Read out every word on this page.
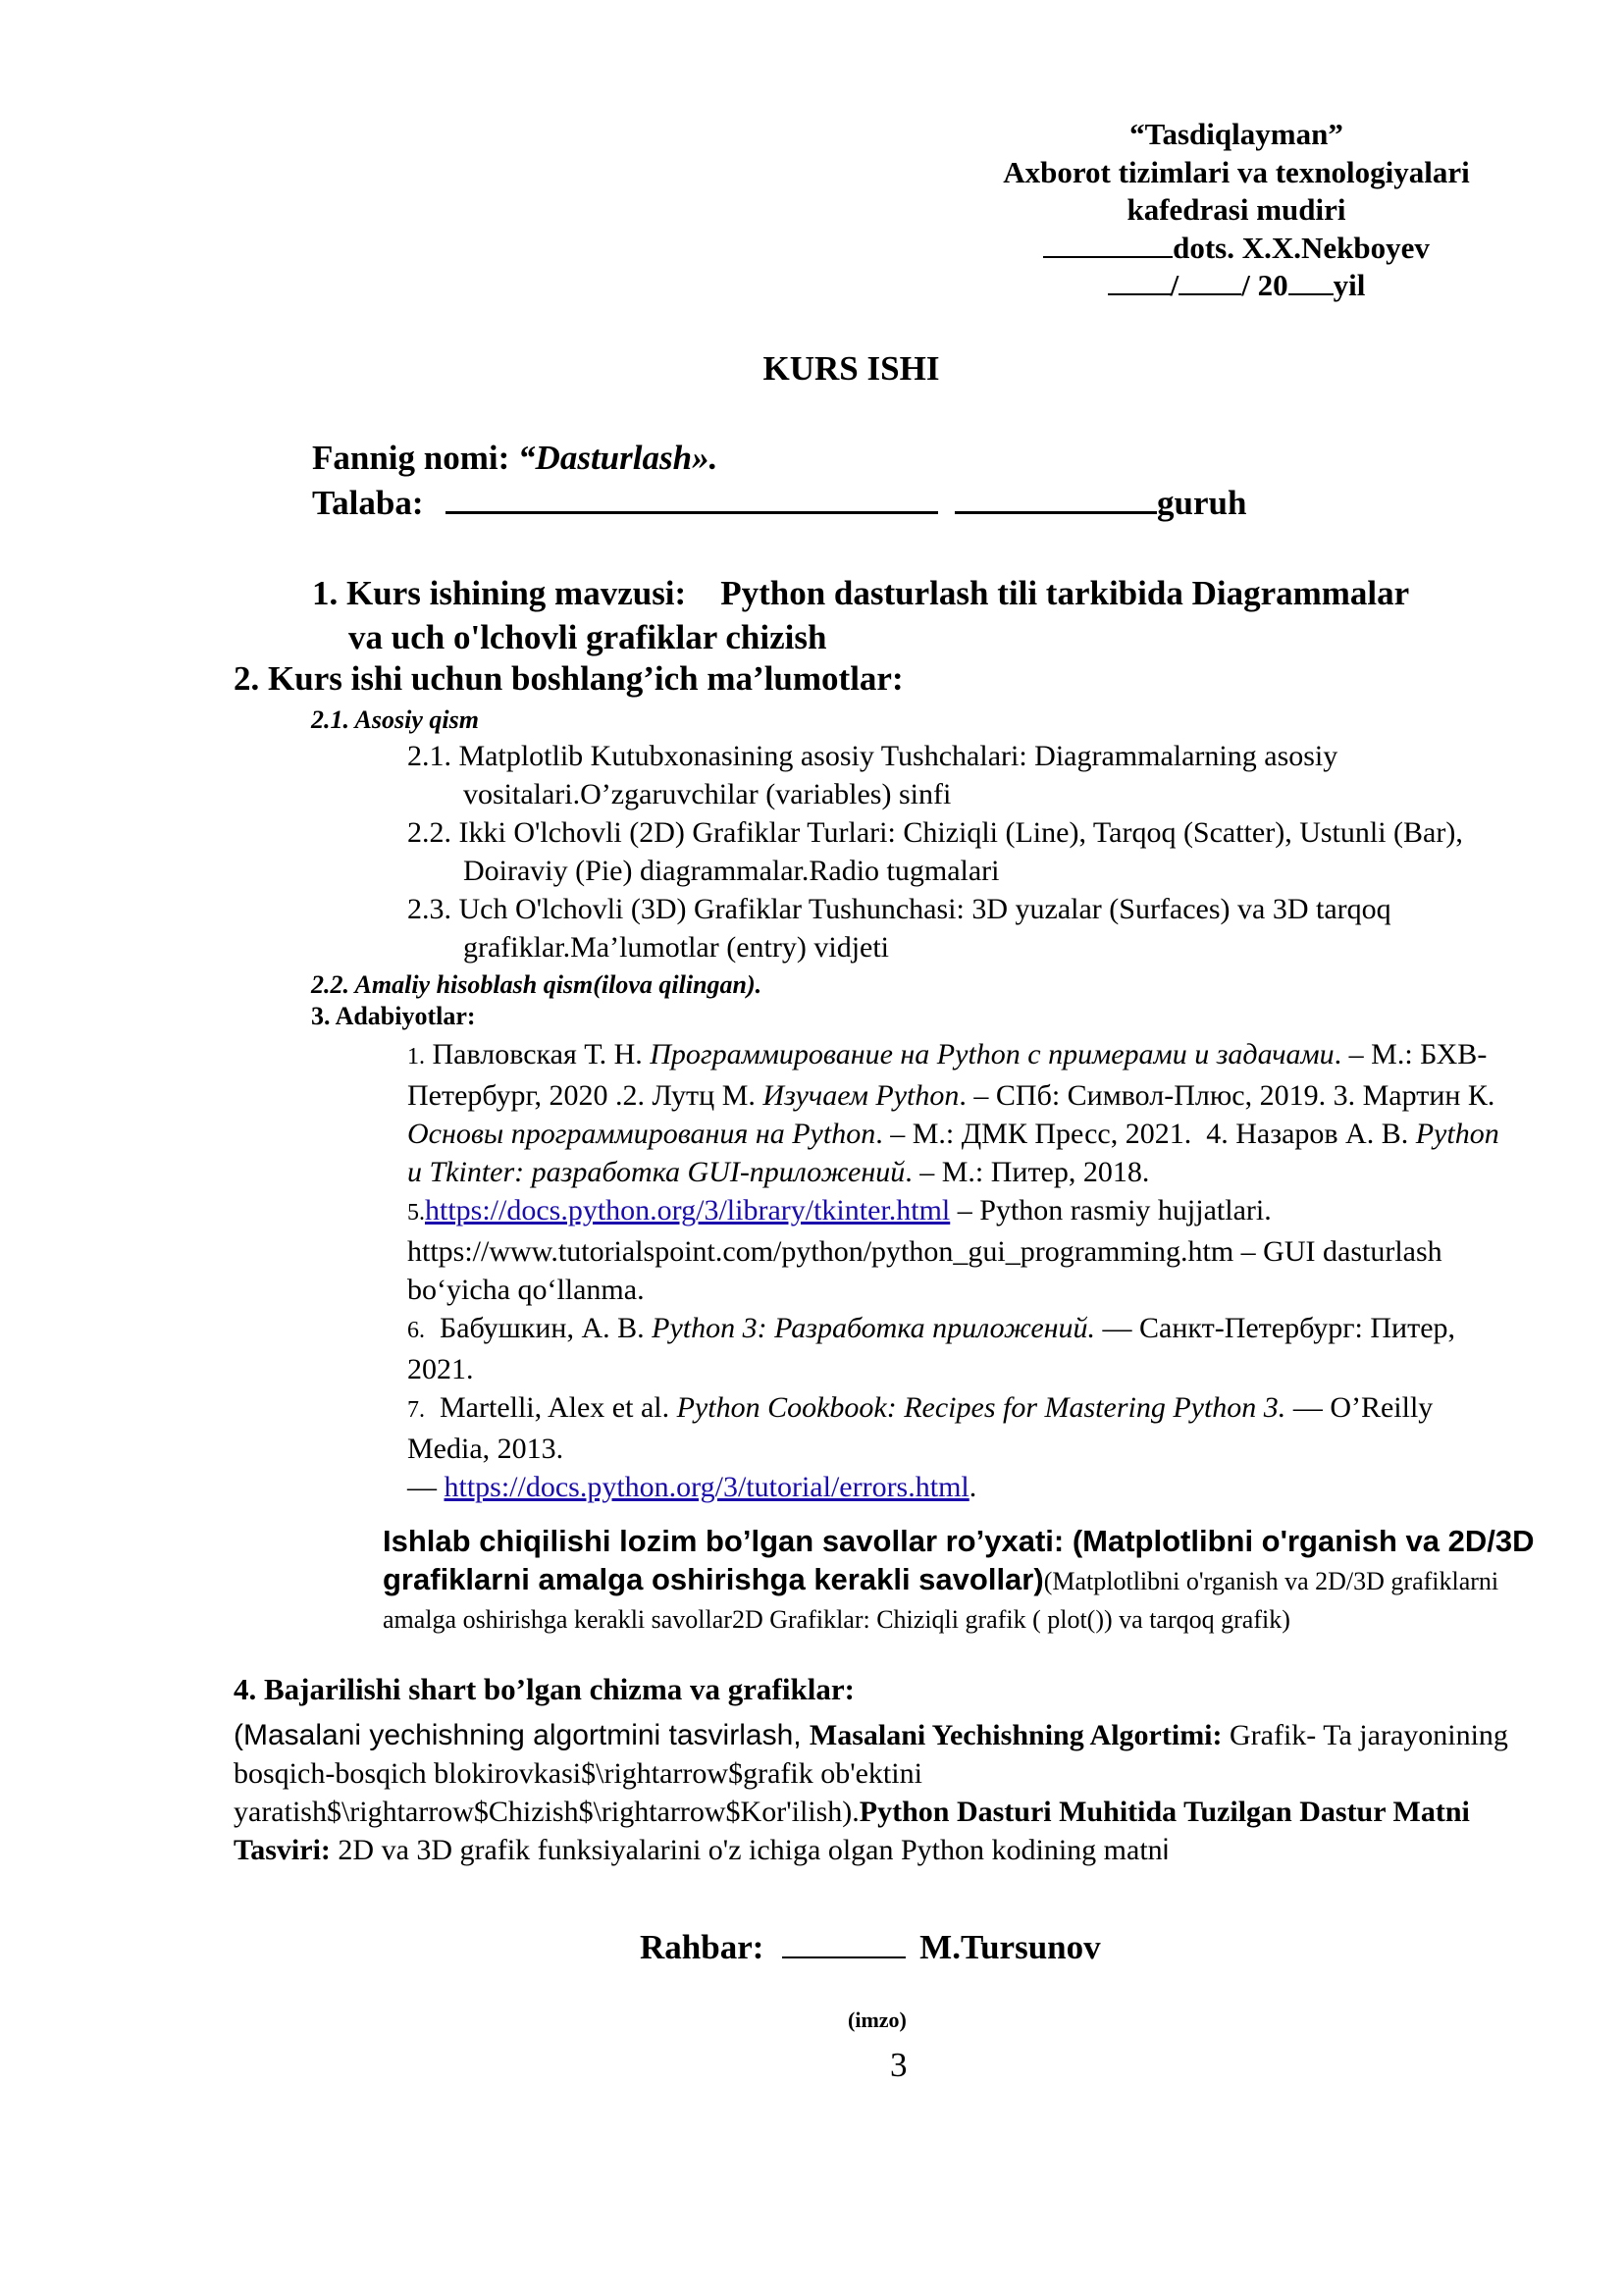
“Tasdiqlayman”
Axborot tizimlari va texnologiyalari
kafedrasi mudiri
dots. X.X.Nekboyev
/ / 20 yil
KURS ISHI
Fannig nomi: “Dasturlash».
Talaba:	guruh
1. Kurs ishining mavzusi: Python dasturlash tili tarkibida Diagrammalar
va uch o'lchovli grafiklar chizish
2. Kurs ishi uchun boshlang’ich ma’lumotlar:
2.1. Asosiy qism
2.1. Matplotlib Kutubxonasining asosiy Tushchalari: Diagrammalarning asosiy vositalari.O’zgaruvchilar (variables) sinfi
2.2. Ikki O'lchovli (2D) Grafiklar Turlari: Chiziqli (Line), Tarqoq (Scatter), Ustunli (Bar), Doiraviy (Pie) diagrammalar.Radio tugmalari
2.3. Uch O'lchovli (3D) Grafiklar Tushunchasi: 3D yuzalar (Surfaces) va 3D tarqoq grafiklar.Ma’lumotlar (entry) vidjeti
2.2. Amaliy hisoblash qism(ilova qilingan).
3. Adabiyotlar:

1. Павловская Т. Н. Программирование на Python с примерами и задачами. – М.: БХВ-Петербург, 2020 .2. Лутц М. Изучаем Python. – СПб: Символ-Плюс, 2019. 3. Мартин К. Основы программирования на Python. – М.: ДМК Пресс, 2021. 4. Назаров А. В. Python и Tkinter: разработка GUI-приложений. – М.: Питер, 2018.

5.https://docs.python.org/3/library/tkinter.html – Python rasmiy hujjatlari.

https://www.tutorialspoint.com/python/python_gui_programming.htm – GUI dasturlash bo‘yicha qo‘llanma.

6. Бабушкин, А. В. Python 3: Разработка приложений. — Санкт-Петербург: Питер, 2021.

7. Martelli, Alex et al. Python Cookbook: Recipes for Mastering Python 3. — O’Reilly Media, 2013.

— https://docs.python.org/3/tutorial/errors.html.

Ishlab chiqilishi lozim bo’lgan savollar ro’yxati: (Matplotlibni o'rganish va 2D/3D grafiklarni amalga oshirishga kerakli savollar)(Matplotlibni o'rganish va 2D/3D grafiklarni amalga oshirishga kerakli savollar2D Grafiklar: Chiziqli grafik ( plot()) va tarqoq grafik)
4. Bajarilishi shart bo’lgan chizma va grafiklar:
(Masalani yechishning algortmini tasvirlash, Masalani Yechishning Algortimi: Grafik- Ta jarayonining bosqich-bosqich blokirovkasi$\rightarrow$grafik ob'ektini yaratish$\rightarrow$Chizish$\rightarrow$Kor'ilish).Python Dasturi Muhitida Tuzilgan Dastur Matni Tasviri: 2D va 3D grafik funksiyalarini o'z ichiga olgan Python kodining matni
Rahbar:	M.Tursunov
(imzo)
3
